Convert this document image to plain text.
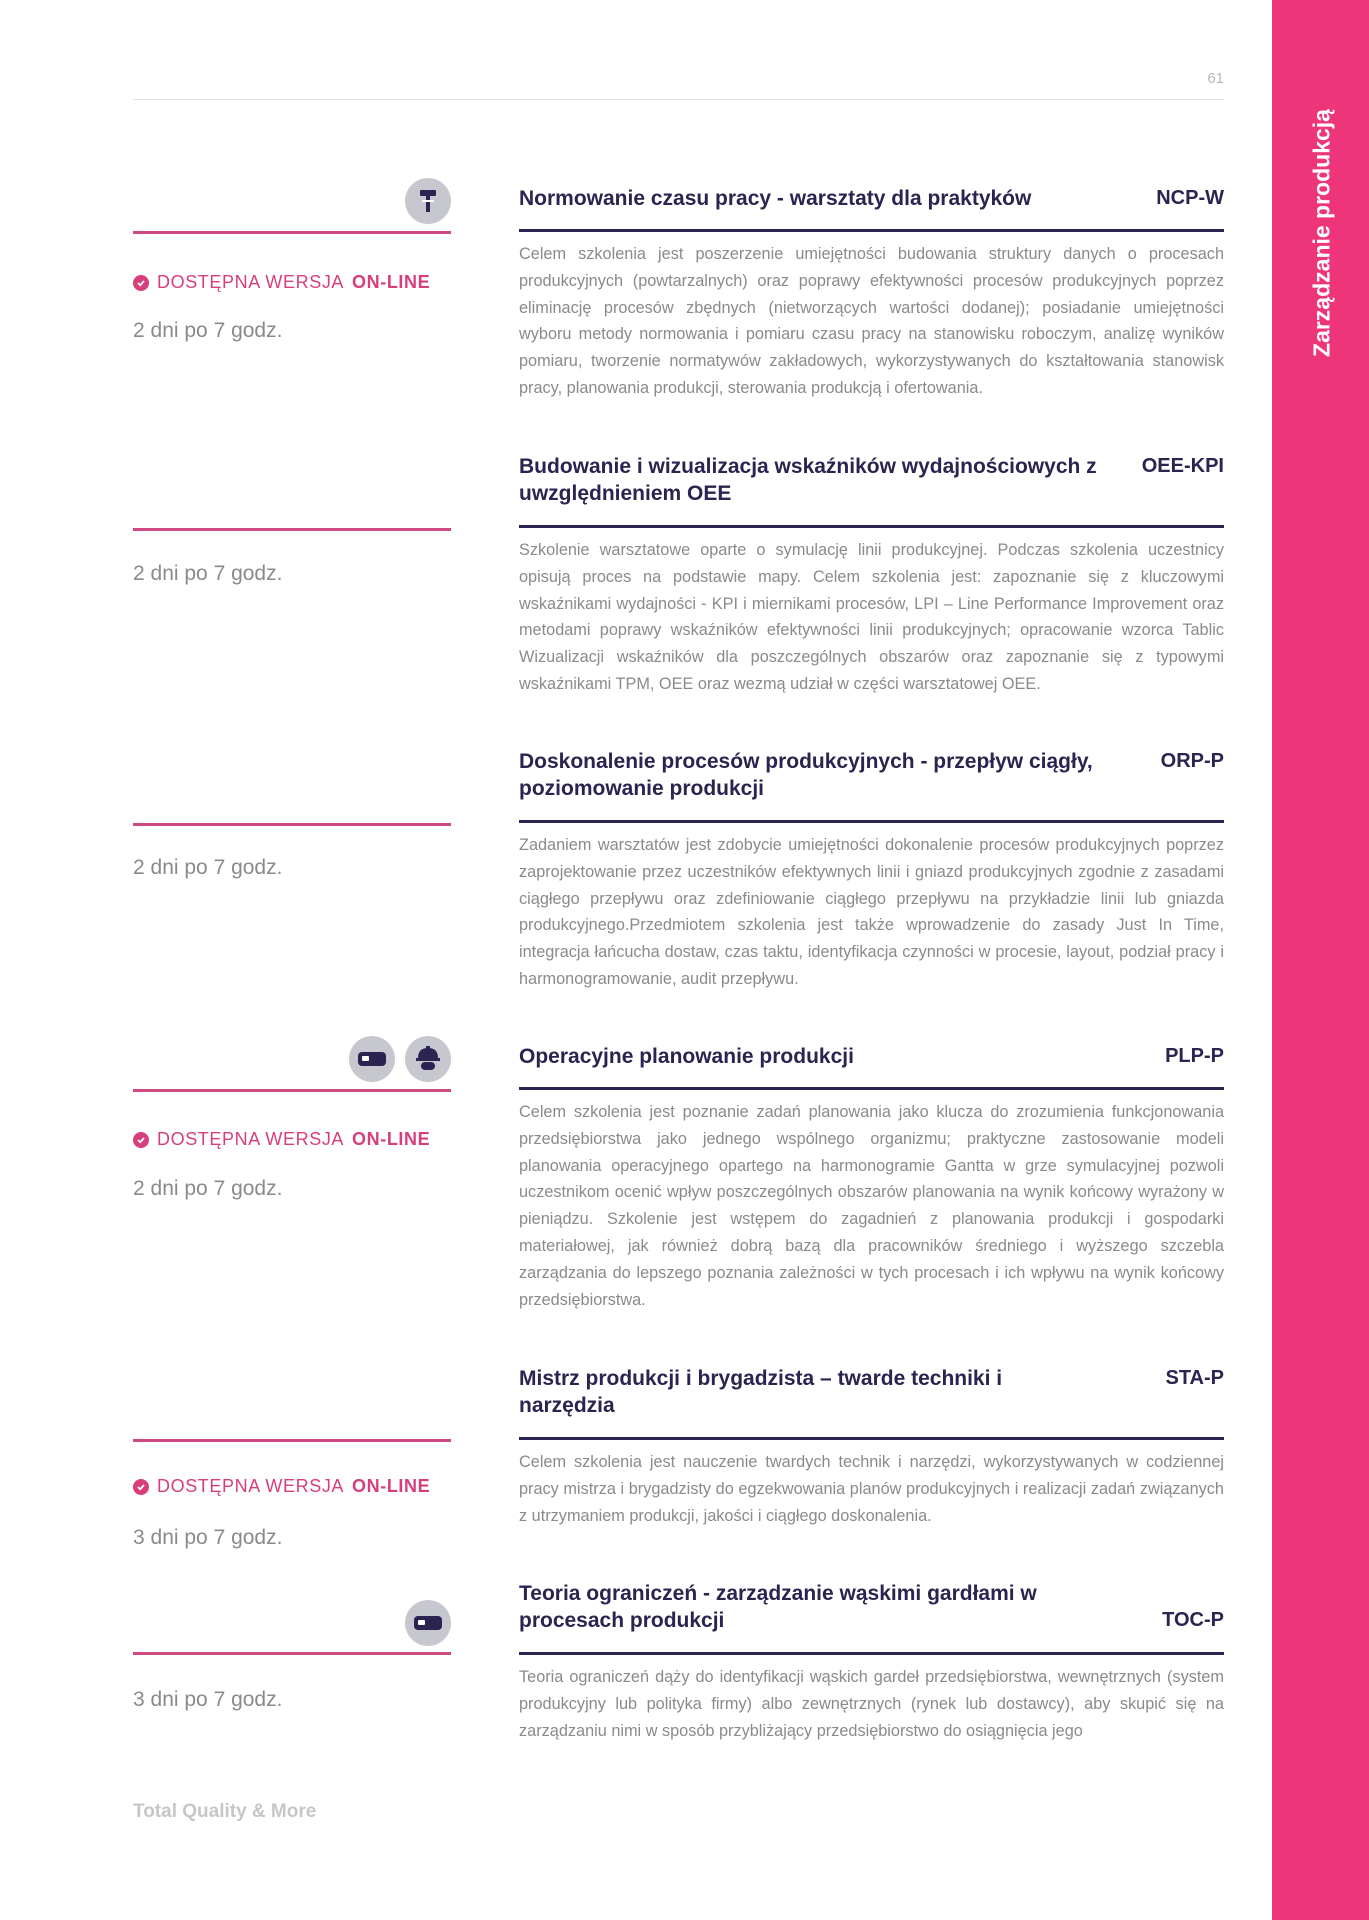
Zarządzanie produkcją
61
DOSTĘPNA WERSJA ON-LINE
2 dni po 7 godz.
Normowanie czasu pracy - warsztaty dla praktyków	NCP-W
Celem szkolenia jest poszerzenie umiejętności budowania struktury danych o procesach produkcyjnych (powtarzalnych) oraz poprawy efektywności procesów produkcyjnych poprzez eliminację procesów zbędnych (nietworzących wartości dodanej); posiadanie umiejętności wyboru metody normowania i pomiaru czasu pracy na stanowisku roboczym, analizę wyników pomiaru, tworzenie normatywów zakładowych, wykorzystywanych do kształtowania stanowisk pracy, planowania produkcji, sterowania produkcją i ofertowania.
2 dni po 7 godz.
Budowanie i wizualizacja wskaźników wydajnościowych z uwzględnieniem OEE
OEE-KPI
Szkolenie warsztatowe oparte o symulację linii produkcyjnej. Podczas szkolenia uczestnicy opisują proces na podstawie mapy. Celem szkolenia jest: zapoznanie się z kluczowymi wskaźnikami wydajności - KPI i miernikami procesów, LPI – Line Performance Improvement oraz metodami poprawy wskaźników efektywności linii produkcyjnych; opracowanie wzorca Tablic Wizualizacji wskaźników dla poszczególnych obszarów oraz zapoznanie się z typowymi wskaźnikami TPM, OEE oraz wezmą udział w części warsztatowej OEE.
2 dni po 7 godz.
Doskonalenie procesów produkcyjnych - przepływ ciągły, poziomowanie produkcji
ORP-P
Zadaniem warsztatów jest zdobycie umiejętności dokonalenie procesów produkcyjnych poprzez zaprojektowanie przez uczestników efektywnych linii i gniazd produkcyjnych zgodnie z zasadami ciągłego przepływu oraz zdefiniowanie ciągłego przepływu na przykładzie linii lub gniazda produkcyjnego.Przedmiotem szkolenia jest także wprowadzenie do zasady Just In Time, integracja łańcucha dostaw, czas taktu, identyfikacja czynności w procesie, layout, podział pracy i harmonogramowanie, audit przepływu.
DOSTĘPNA WERSJA ON-LINE
2 dni po 7 godz.
Operacyjne planowanie produkcji	PLP-P
Celem szkolenia jest poznanie zadań planowania jako klucza do zrozumienia funkcjonowania przedsiębiorstwa jako jednego wspólnego organizmu; praktyczne zastosowanie modeli planowania operacyjnego opartego na harmonogramie Gantta w grze symulacyjnej pozwoli uczestnikom ocenić wpływ poszczególnych obszarów planowania na wynik końcowy wyrażony w pieniądzu. Szkolenie jest wstępem do zagadnień z planowania produkcji i gospodarki materiałowej, jak również dobrą bazą dla pracowników średniego i wyższego szczebla zarządzania do lepszego poznania zależności w tych procesach i ich wpływu na wynik końcowy przedsiębiorstwa.
DOSTĘPNA WERSJA ON-LINE
3 dni po 7 godz.
Mistrz produkcji i brygadzista – twarde techniki i narzędzia
STA-P
Celem szkolenia jest nauczenie twardych technik i narzędzi, wykorzystywanych w codziennej pracy mistrza i brygadzisty do egzekwowania planów produkcyjnych i realizacji zadań związanych z utrzymaniem produkcji, jakości i ciągłego doskonalenia.
3 dni po 7 godz.
Teoria ograniczeń - zarządzanie wąskimi gardłami w procesach produkcji	TOC-P
Teoria ograniczeń dąży do identyfikacji wąskich gardeł przedsiębiorstwa, wewnętrznych (system produkcyjny lub polityka firmy) albo zewnętrznych (rynek lub dostawcy), aby skupić się na zarządzaniu nimi w sposób przybliżający przedsiębiorstwo do osiągnięcia jego
Total Quality & More
